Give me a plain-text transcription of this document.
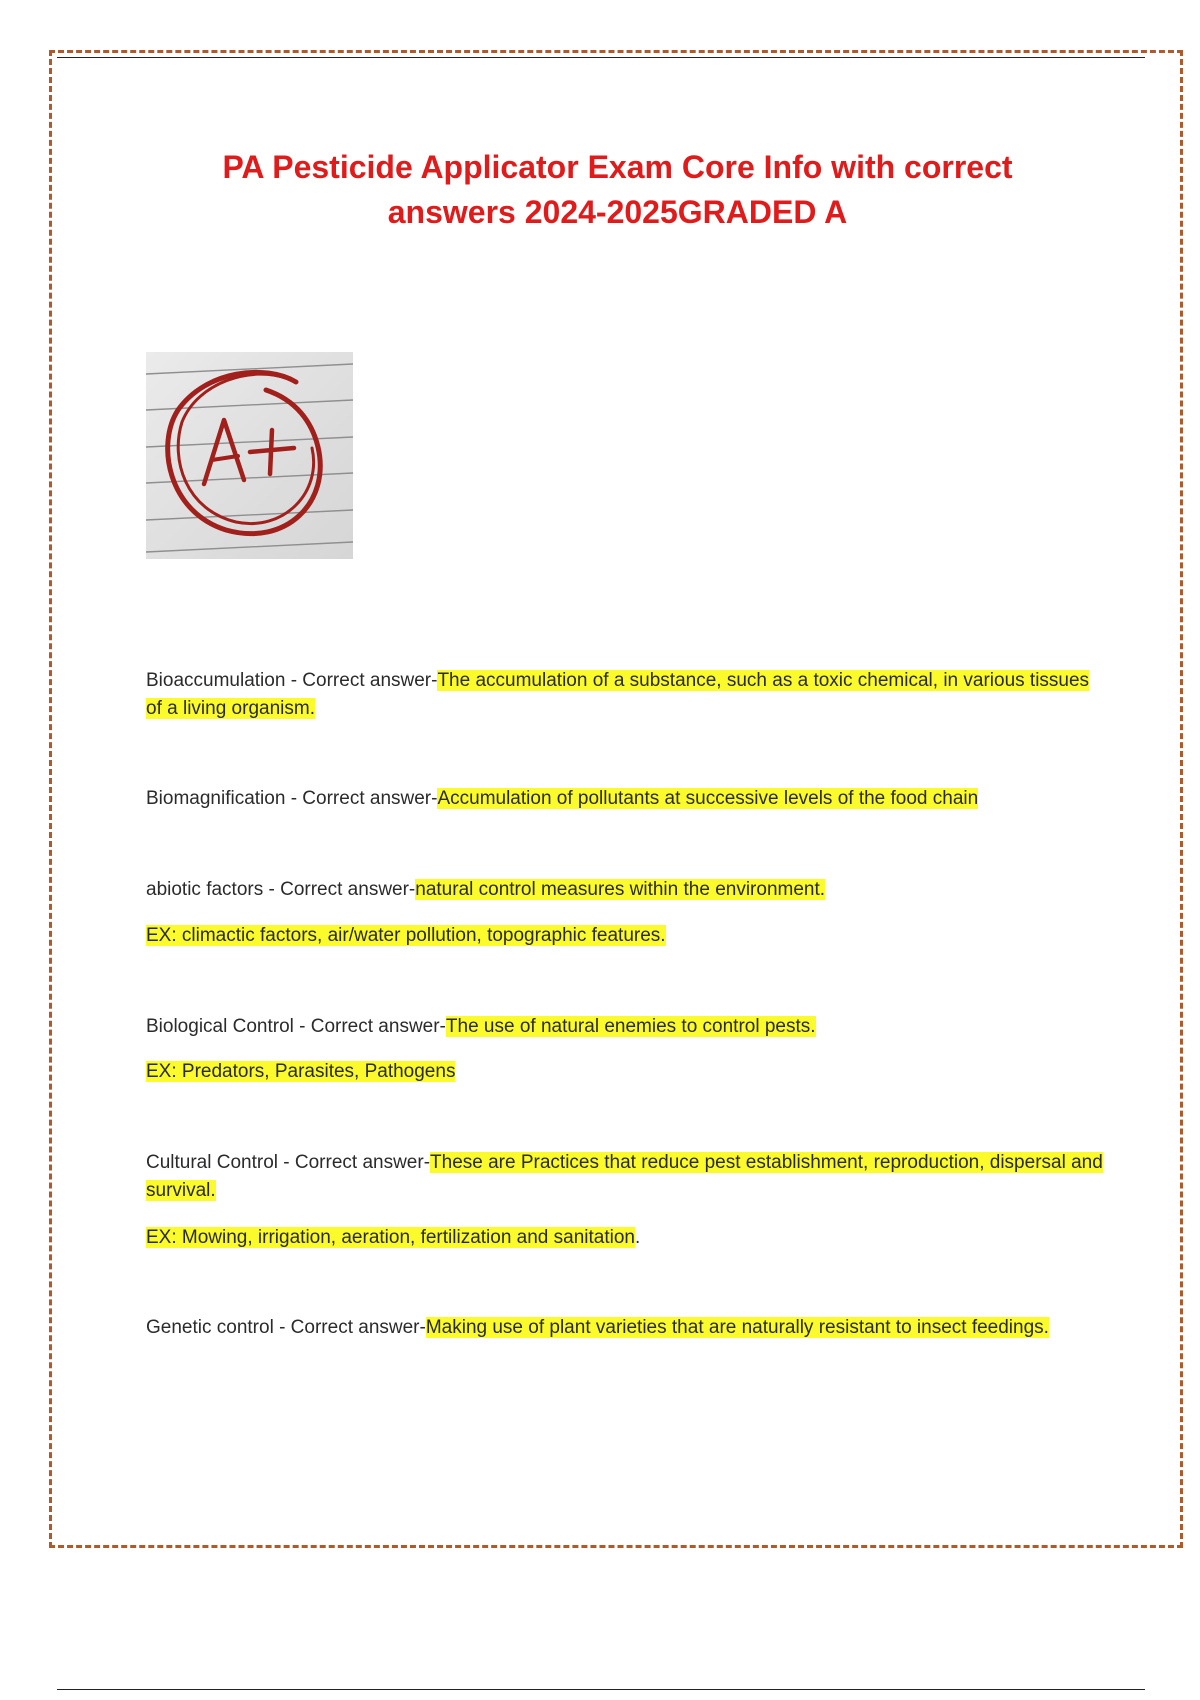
PA Pesticide Applicator Exam Core Info with correct
answers 2024-2025GRADED A

Bioaccumulation - Correct answer-The accumulation of a substance, such as a toxic chemical, in various tissues of a living organism.

Biomagnification - Correct answer-Accumulation of pollutants at successive levels of the food chain

abiotic factors - Correct answer-natural control measures within the environment.

EX: climactic factors, air/water pollution, topographic features.

Biological Control - Correct answer-The use of natural enemies to control pests.

EX: Predators, Parasites, Pathogens

Cultural Control - Correct answer-These are Practices that reduce pest establishment, reproduction, dispersal and survival.

EX: Mowing, irrigation, aeration, fertilization and sanitation.

Genetic control - Correct answer-Making use of plant varieties that are naturally resistant to insect feedings.
